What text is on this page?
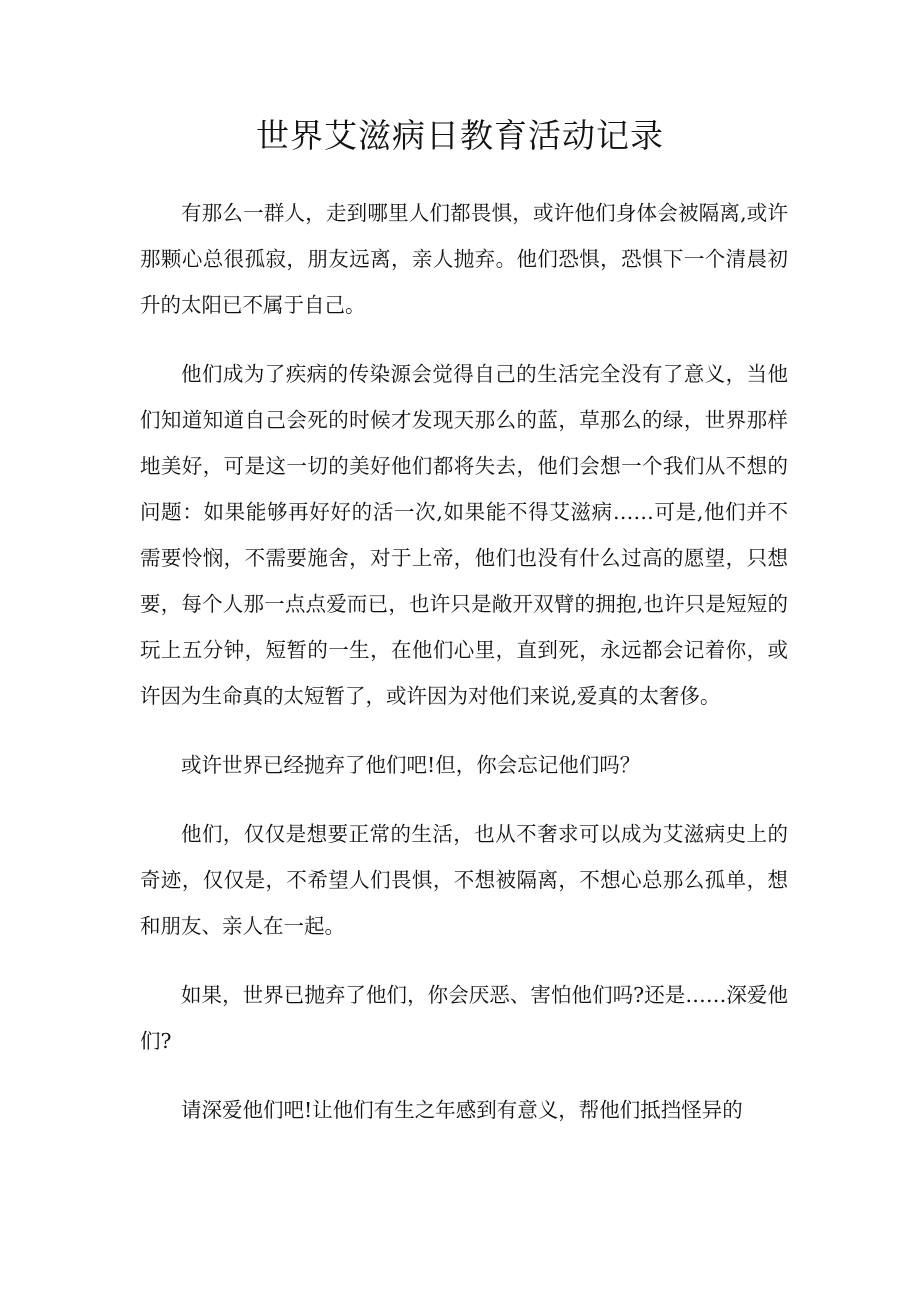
世界艾滋病日教育活动记录

有那么一群人，走到哪里人们都畏惧，或许他们身体会被隔离,或许那颗心总很孤寂，朋友远离，亲人抛弃。他们恐惧，恐惧下一个清晨初升的太阳已不属于自己。

他们成为了疾病的传染源会觉得自己的生活完全没有了意义，当他们知道知道自己会死的时候才发现天那么的蓝，草那么的绿，世界那样地美好，可是这一切的美好他们都将失去，他们会想一个我们从不想的问题：如果能够再好好的活一次,如果能不得艾滋病……可是,他们并不需要怜悯，不需要施舍，对于上帝，他们也没有什么过高的愿望，只想要，每个人那一点点爱而已，也许只是敞开双臂的拥抱,也许只是短短的玩上五分钟，短暂的一生，在他们心里，直到死，永远都会记着你，或许因为生命真的太短暂了，或许因为对他们来说,爱真的太奢侈。

或许世界已经抛弃了他们吧!但，你会忘记他们吗？

他们，仅仅是想要正常的生活，也从不奢求可以成为艾滋病史上的奇迹，仅仅是，不希望人们畏惧，不想被隔离，不想心总那么孤单，想和朋友、亲人在一起。

如果，世界已抛弃了他们，你会厌恶、害怕他们吗?还是……深爱他们?

请深爱他们吧!让他们有生之年感到有意义，帮他们抵挡怪异的
